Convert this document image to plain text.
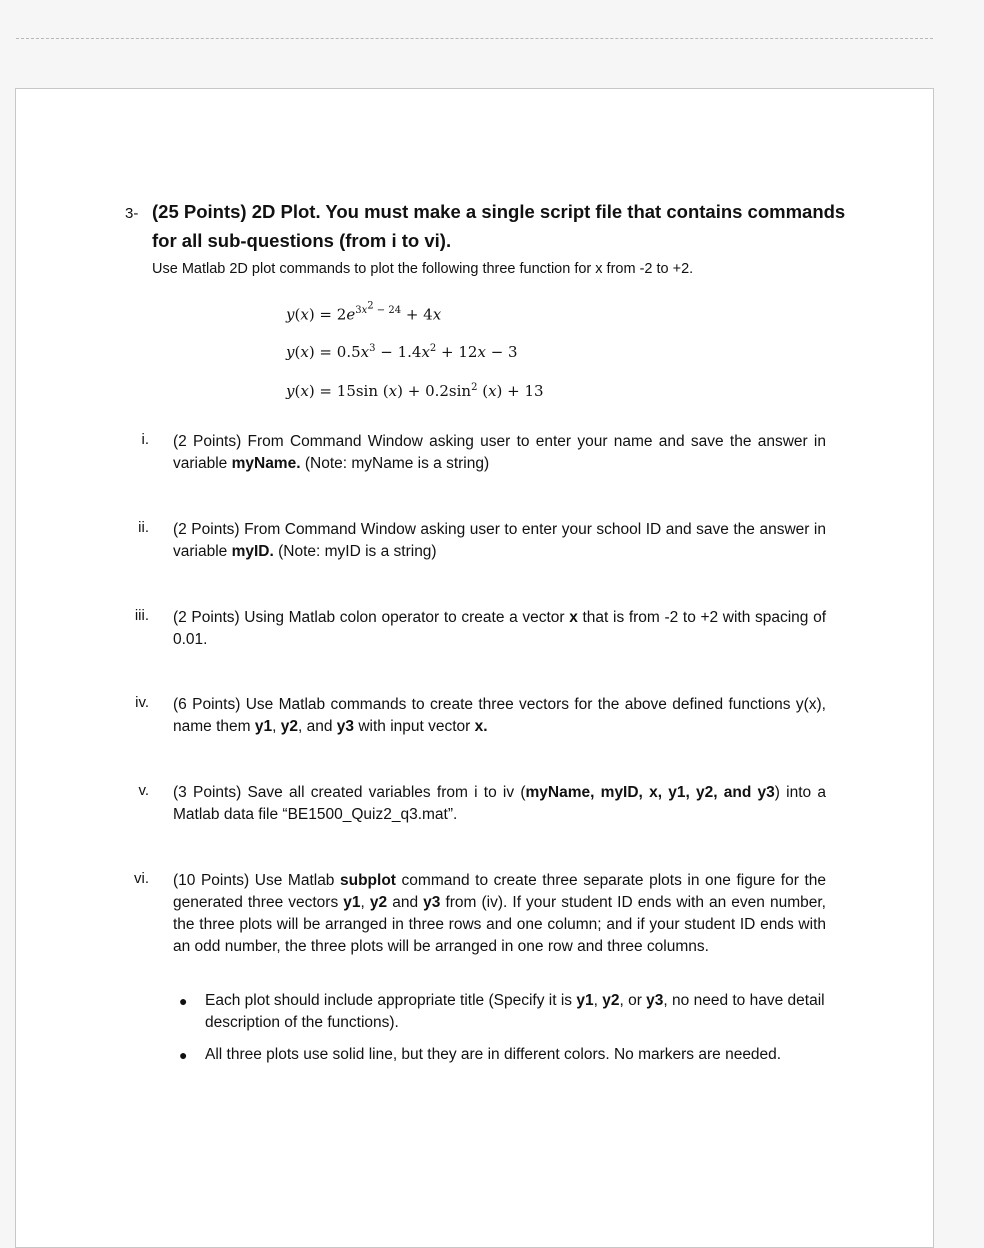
3- (25 Points) 2D Plot. You must make a single script file that contains commands for all sub-questions (from i to vi).
Use Matlab 2D plot commands to plot the following three function for x from -2 to +2.
$y(x) = 2e^{3x^2 - 24} + 4x$
$y(x) = 0.5x^3 - 1.4x^2 + 12x - 3$
y(x) = 15sin $(x) + 0.2\sin^2$ (x) + 13
i. (2 Points) From Command Window asking user to enter your name and save the answer in variable myName. (Note: myName is a string)
ii. (2 Points) From Command Window asking user to enter your school ID and save the answer in variable myID. (Note: myID is a string)
iii. (2 Points) Using Matlab colon operator to create a vector x that is from -2 to +2 with spacing of 0.01.
iv. (6 Points) Use Matlab commands to create three vectors for the above defined functions y(x), name them y1, y2, and y3 with input vector x.
v. (3 Points) Save all created variables from i to iv (myName, myID, x, y1, y2, and y3) into a Matlab data file “BE1500_Quiz2_q3.mat”.
vi. (10 Points) Use Matlab subplot command to create three separate plots in one figure for the generated three vectors y1, y2 and y3 from (iv). If your student ID ends with an even number, the three plots will be arranged in three rows and one column; and if your student ID ends with an odd number, the three plots will be arranged in one row and three columns.
● Each plot should include appropriate title (Specify it is y1, y2, or y3, no need to have detail description of the functions).
● All three plots use solid line, but they are in different colors. No markers are needed.
